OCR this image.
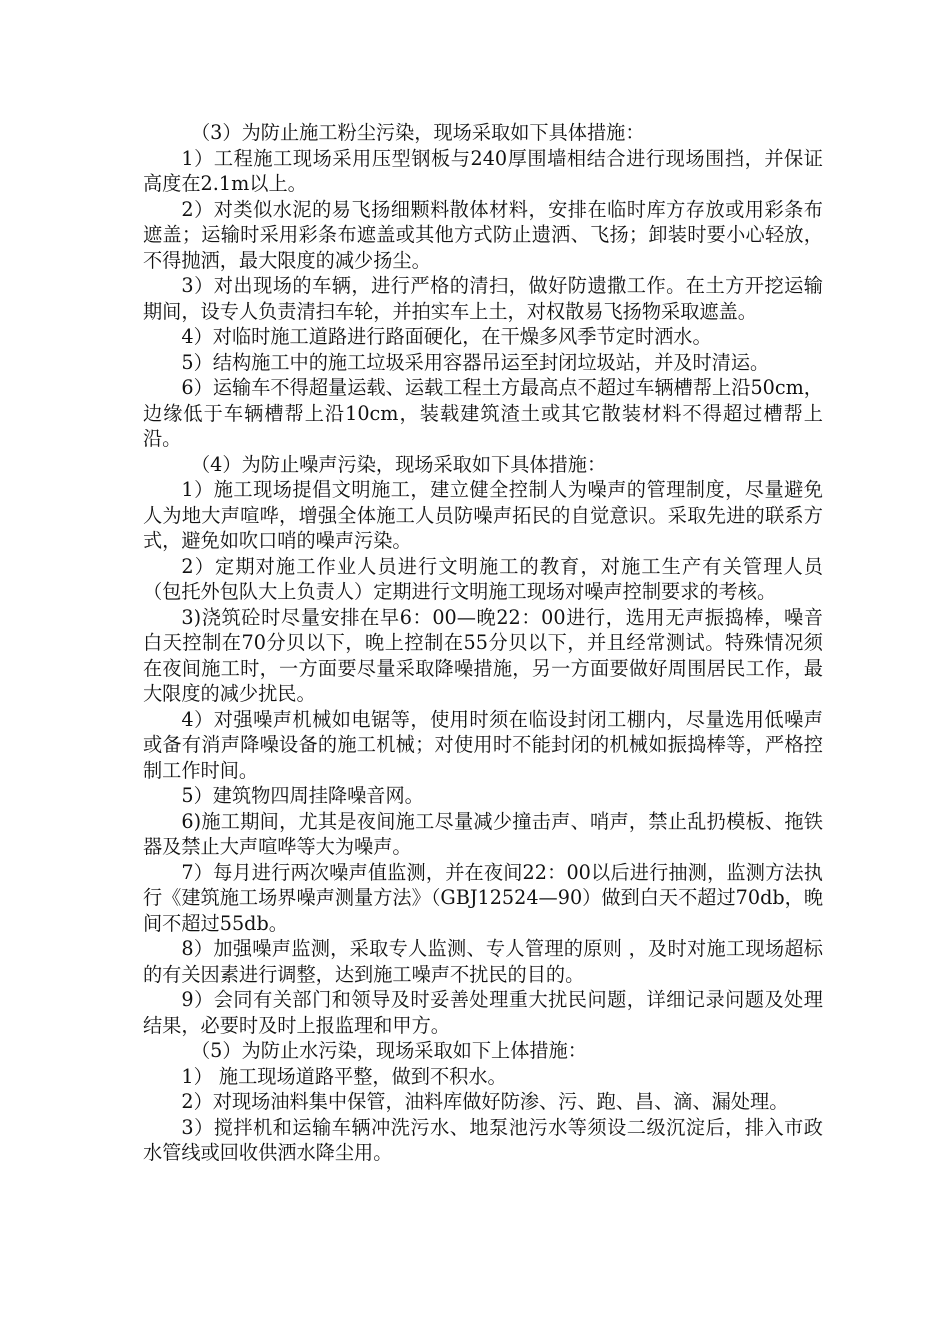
（3）为防止施工粉尘污染，现场采取如下具体措施：

1）工程施工现场采用压型钢板与240厚围墙相结合进行现场围挡，并保证高度在2.1m以上。

2）对类似水泥的易飞扬细颗料散体材料，安排在临时库方存放或用彩条布遮盖；运输时采用彩条布遮盖或其他方式防止遗洒、飞扬；卸装时要小心轻放，不得抛洒，最大限度的减少扬尘。

3）对出现场的车辆，进行严格的清扫，做好防遗撒工作。在土方开挖运输期间，设专人负责清扫车轮，并拍实车上土，对权散易飞扬物采取遮盖。

4）对临时施工道路进行路面硬化，在干燥多风季节定时洒水。

5）结构施工中的施工垃圾采用容器吊运至封闭垃圾站，并及时清运。

6）运输车不得超量运载、运载工程土方最高点不超过车辆槽帮上沿50cm，边缘低于车辆槽帮上沿10cm，装载建筑渣土或其它散装材料不得超过槽帮上沿。

（4）为防止噪声污染，现场采取如下具体措施：

1）施工现场提倡文明施工，建立健全控制人为噪声的管理制度，尽量避免人为地大声喧哗，增强全体施工人员防噪声拓民的自觉意识。采取先进的联系方式，避免如吹口哨的噪声污染。

2）定期对施工作业人员进行文明施工的教育，对施工生产有关管理人员（包托外包队大上负责人）定期进行文明施工现场对噪声控制要求的考核。

3)浇筑砼时尽量安排在早6：00—晚22：00进行，选用无声振捣棒，噪音白天控制在70分贝以下，晚上控制在55分贝以下，并且经常测试。特殊情况须在夜间施工时，一方面要尽量采取降噪措施，另一方面要做好周围居民工作，最大限度的减少扰民。

4）对强噪声机械如电锯等，使用时须在临设封闭工棚内，尽量选用低噪声或备有消声降噪设备的施工机械；对使用时不能封闭的机械如振捣棒等，严格控制工作时间。

5）建筑物四周挂降噪音网。

6)施工期间，尤其是夜间施工尽量减少撞击声、哨声，禁止乱扔模板、拖铁器及禁止大声喧哗等大为噪声。

7）每月进行两次噪声值监测，并在夜间22：00以后进行抽测，监测方法执行《建筑施工场界噪声测量方法》（GBJ12524—90）做到白天不超过70db，晚间不超过55db。

8）加强噪声监测，采取专人监测、专人管理的原则 ，及时对施工现场超标的有关因素进行调整，达到施工噪声不扰民的目的。

9）会同有关部门和领导及时妥善处理重大扰民问题，详细记录问题及处理结果，必要时及时上报监理和甲方。

（5）为防止水污染，现场采取如下上体措施：

1） 施工现场道路平整，做到不积水。

2）对现场油料集中保管，油料库做好防渗、污、跑、昌、滴、漏处理。

3）搅拌机和运输车辆冲洗污水、地泵池污水等须设二级沉淀后，排入市政水管线或回收供洒水降尘用。
